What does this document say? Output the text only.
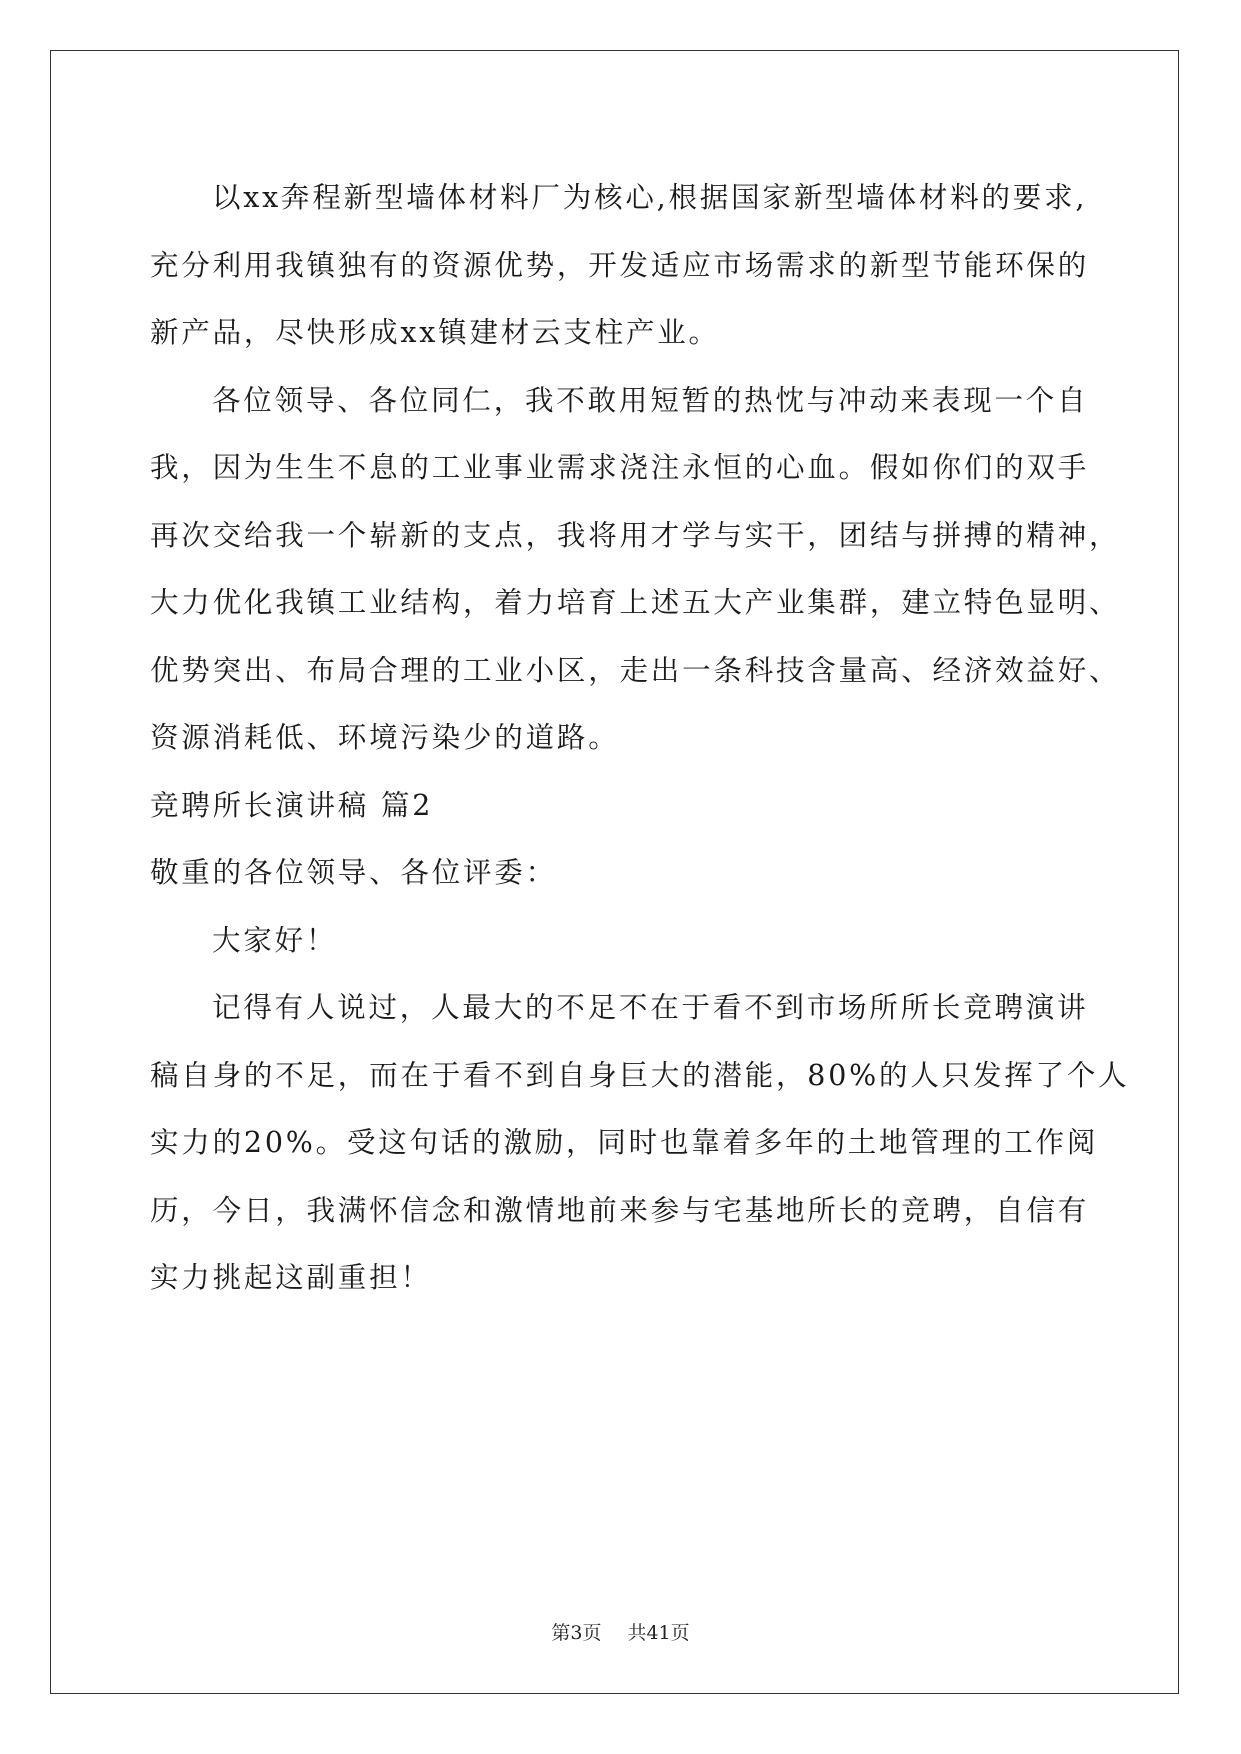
以xx奔程新型墙体材料厂为核心,根据国家新型墙体材料的要求,
充分利用我镇独有的资源优势，开发适应市场需求的新型节能环保的
新产品，尽快形成xx镇建材云支柱产业。
各位领导、各位同仁，我不敢用短暂的热忱与冲动来表现一个自
我，因为生生不息的工业事业需求浇注永恒的心血。假如你们的双手
再次交给我一个崭新的支点，我将用才学与实干，团结与拼搏的精神，
大力优化我镇工业结构，着力培育上述五大产业集群，建立特色显明、
优势突出、布局合理的工业小区，走出一条科技含量高、经济效益好、
资源消耗低、环境污染少的道路。
竞聘所长演讲稿 篇2
敬重的各位领导、各位评委：
大家好！
记得有人说过，人最大的不足不在于看不到市场所所长竞聘演讲
稿自身的不足，而在于看不到自身巨大的潜能，80%的人只发挥了个人
实力的20%。受这句话的激励，同时也靠着多年的土地管理的工作阅
历，今日，我满怀信念和激情地前来参与宅基地所长的竞聘，自信有
实力挑起这副重担！
第3页 共41页
